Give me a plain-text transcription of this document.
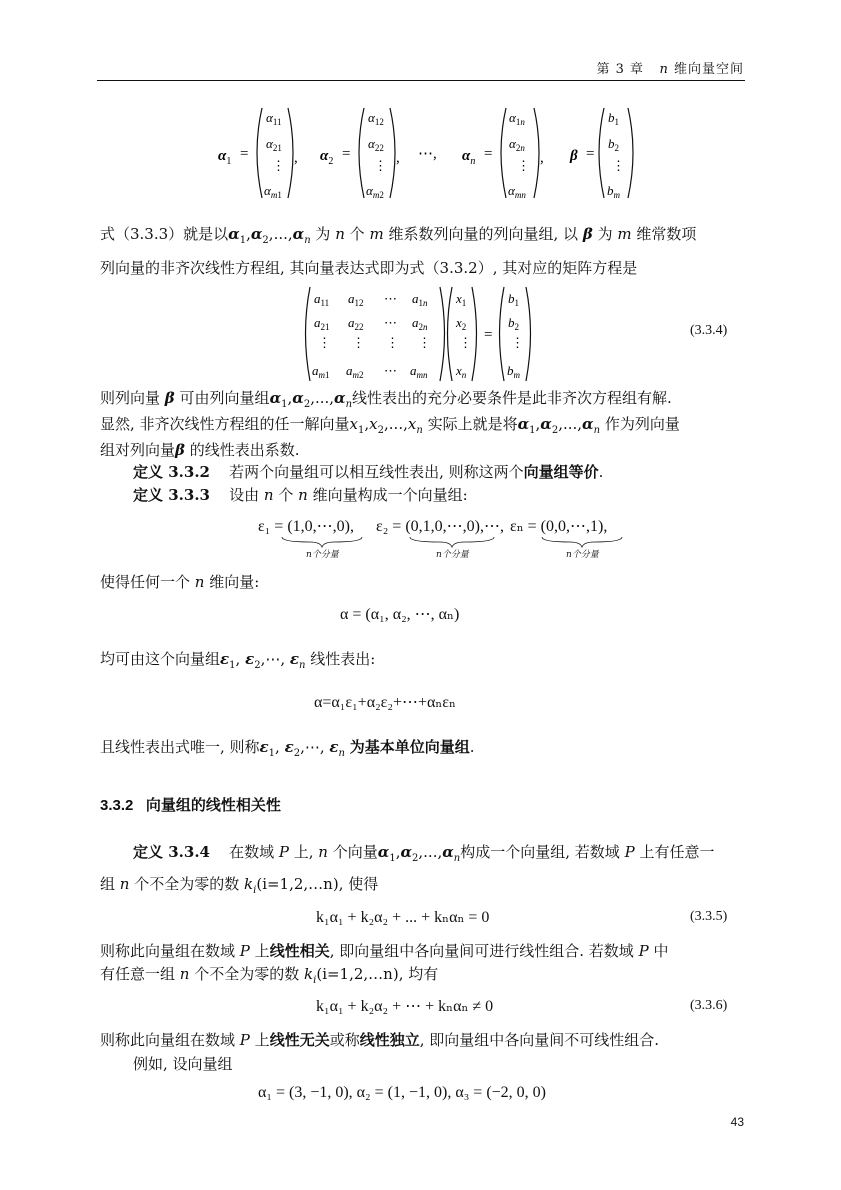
第 3 章 n 维向量空间
$\alpha_1$ =
$\alpha_{11}$
$\alpha_{21}$
⋮
$\alpha_m1$
, $\alpha_2$ =
$\alpha_{12}$
$\alpha_{22}$
⋮
$\alpha_m2$
, ⋯, $\alpha_n$ =
$\alpha_1n$
$\alpha_2n$
⋮
$\alpha_{mn}$
, β =
$b_1$
$b_2$
⋮
$b_m$
式（3.3.3）就是以$\alpha_1,\alpha_2,...,\alpha_n$ 为 n 个 m 维系数列向量的列向量组, 以 β 为 m 维常数项
列向量的非齐次线性方程组, 其向量表达式即为式（3.3.2）, 其对应的矩阵方程是
$a_{11}$ $a_{12}$ ⋯ $a_1n$
$a_{21}$ $a_{22}$ ⋯ $a_2n$
⋮ ⋮ ⋮ ⋮
$a_m1$ $a_m2$ ⋯ $a_{mn}$
$x_1$
$x_2$
⋮
$x_n$
=
$b_1$
$b_2$
⋮
$b_m$
(3.3.4)
则列向量 β 可由列向量组$\alpha_1,\alpha_2,...,\alpha_n$线性表出的充分必要条件是此非齐次方程组有解.
显然, 非齐次线性方程组的任一解向量$x_1,x_2,...,x_n$ 实际上就是将$\alpha_1,\alpha_2,...,\alpha_n$ 作为列向量
组对列向量β 的线性表出系数.
定义 3.3.2 若两个向量组可以相互线性表出, 则称这两个向量组等价.
定义 3.3.3 设由 n 个 n 维向量构成一个向量组:
ε₁ = (1,0,⋯,0), ε₂ = (0,1,0,⋯,0),⋯, εₙ = (0,0,⋯,1),
n个分量	n个分量	n个分量
使得任何一个 n 维向量:
α = (α₁, α₂, ⋯, αₙ)
均可由这个向量组$\varepsilon_1$, $\varepsilon_2,\cdots$, $\varepsilon_n$ 线性表出:
α=α₁ε₁+α₂ε₂+⋯+αₙεₙ
且线性表出式唯一, 则称$\varepsilon_1$, $\varepsilon_2,\cdots$, $\varepsilon_n$ 为基本单位向量组.
3.3.2 向量组的线性相关性
定义 3.3.4 在数域 P 上, n 个向量$\alpha_1,\alpha_2,...,\alpha_n$构成一个向量组, 若数域 P 上有任意一
组 n 个不全为零的数 $k_i(i=1,2,\dots n)$, 使得
k₁α₁ + k₂α₂ + ... + kₙαₙ = 0	(3.3.5)
则称此向量组在数域 P 上线性相关, 即向量组中各向量间可进行线性组合. 若数域 P 中
有任意一组 n 个不全为零的数 $k_i(i=1,2,\dots n)$, 均有
k₁α₁ + k₂α₂ + ⋯ + kₙαₙ ≠ 0	(3.3.6)
则称此向量组在数域 P 上线性无关或称线性独立, 即向量组中各向量间不可线性组合.
例如, 设向量组
α₁ = (3, −1, 0), α₂ = (1, −1, 0), α₃ = (−2, 0, 0)
43
